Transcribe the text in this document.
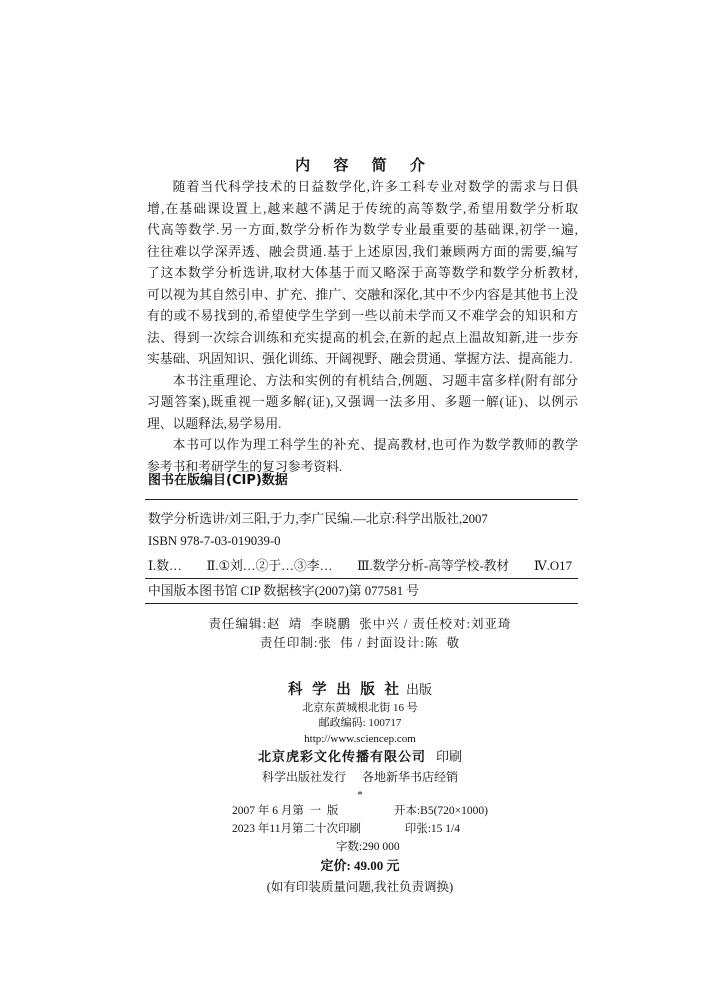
内 容 简 介
随着当代科学技术的日益数学化,许多工科专业对数学的需求与日俱
增,在基础课设置上,越来越不满足于传统的高等数学,希望用数学分析取
代高等数学.另一方面,数学分析作为数学专业最重要的基础课,初学一遍,
往往难以学深弄透、融会贯通.基于上述原因,我们兼顾两方面的需要,编写
了这本数学分析选讲,取材大体基于而又略深于高等数学和数学分析教材,
可以视为其自然引申、扩充、推广、交融和深化,其中不少内容是其他书上没
有的或不易找到的,希望使学生学到一些以前未学而又不难学会的知识和方
法、得到一次综合训练和充实提高的机会,在新的起点上温故知新,进一步夯
实基础、巩固知识、强化训练、开阔视野、融会贯通、掌握方法、提高能力.
本书注重理论、方法和实例的有机结合,例题、习题丰富多样(附有部分
习题答案),既重视一题多解(证),又强调一法多用、多题一解(证)、以例示
理、以题释法,易学易用.
本书可以作为理工科学生的补充、提高教材,也可作为数学教师的教学
参考书和考研学生的复习参考资料.
图书在版编目(CIP)数据
数学分析选讲/刘三阳,于力,李广民编.—北京:科学出版社,2007
ISBN 978-7-03-019039-0
Ⅰ.数… Ⅱ.①刘…②于…③李… Ⅲ.数学分析-高等学校-教材 Ⅳ.O17
中国版本图书馆 CIP 数据核字(2007)第 077581 号
责任编辑:赵  靖  李晓鹏  张中兴 / 责任校对:刘亚琦
责任印制:张  伟 / 封面设计:陈  敬
科 学 出 版 社 出版
北京东黄城根北街 16 号
邮政编码: 100717
http://www.sciencep.com
北京虎彩文化传播有限公司 印刷
科学出版社发行 各地新华书店经销
*
2007 年 6 月第  一  版	开本:B5(720×1000)
2023 年11月第二十次印刷	印张:15 1/4
字数:290 000
定价: 49.00 元
(如有印装质量问题,我社负责调换)
